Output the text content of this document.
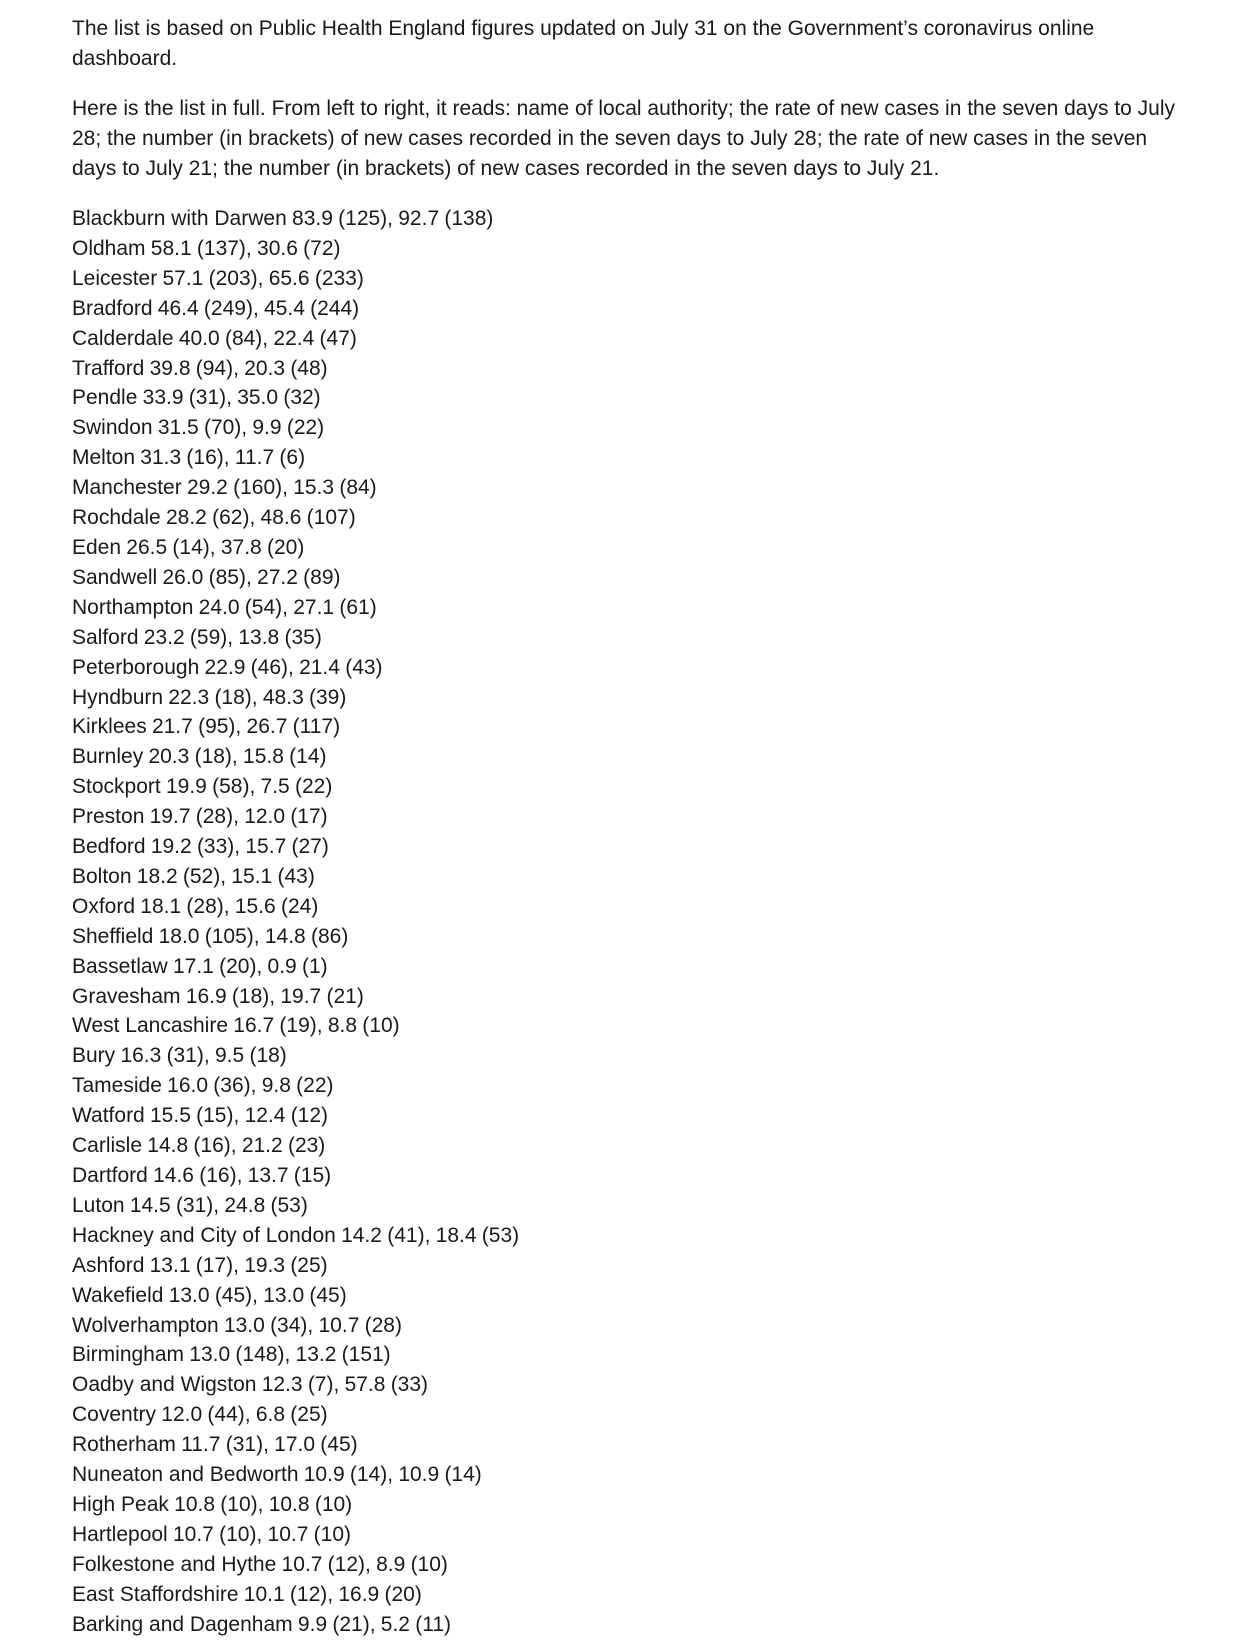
The list is based on Public Health England figures updated on July 31 on the Government’s coronavirus online dashboard.

Here is the list in full. From left to right, it reads: name of local authority; the rate of new cases in the seven days to July 28; the number (in brackets) of new cases recorded in the seven days to July 28; the rate of new cases in the seven days to July 21; the number (in brackets) of new cases recorded in the seven days to July 21.

Blackburn with Darwen 83.9 (125), 92.7 (138)
Oldham 58.1 (137), 30.6 (72)
Leicester 57.1 (203), 65.6 (233)
Bradford 46.4 (249), 45.4 (244)
Calderdale 40.0 (84), 22.4 (47)
Trafford 39.8 (94), 20.3 (48)
Pendle 33.9 (31), 35.0 (32)
Swindon 31.5 (70), 9.9 (22)
Melton 31.3 (16), 11.7 (6)
Manchester 29.2 (160), 15.3 (84)
Rochdale 28.2 (62), 48.6 (107)
Eden 26.5 (14), 37.8 (20)
Sandwell 26.0 (85), 27.2 (89)
Northampton 24.0 (54), 27.1 (61)
Salford 23.2 (59), 13.8 (35)
Peterborough 22.9 (46), 21.4 (43)
Hyndburn 22.3 (18), 48.3 (39)
Kirklees 21.7 (95), 26.7 (117)
Burnley 20.3 (18), 15.8 (14)
Stockport 19.9 (58), 7.5 (22)
Preston 19.7 (28), 12.0 (17)
Bedford 19.2 (33), 15.7 (27)
Bolton 18.2 (52), 15.1 (43)
Oxford 18.1 (28), 15.6 (24)
Sheffield 18.0 (105), 14.8 (86)
Bassetlaw 17.1 (20), 0.9 (1)
Gravesham 16.9 (18), 19.7 (21)
West Lancashire 16.7 (19), 8.8 (10)
Bury 16.3 (31), 9.5 (18)
Tameside 16.0 (36), 9.8 (22)
Watford 15.5 (15), 12.4 (12)
Carlisle 14.8 (16), 21.2 (23)
Dartford 14.6 (16), 13.7 (15)
Luton 14.5 (31), 24.8 (53)
Hackney and City of London 14.2 (41), 18.4 (53)
Ashford 13.1 (17), 19.3 (25)
Wakefield 13.0 (45), 13.0 (45)
Wolverhampton 13.0 (34), 10.7 (28)
Birmingham 13.0 (148), 13.2 (151)
Oadby and Wigston 12.3 (7), 57.8 (33)
Coventry 12.0 (44), 6.8 (25)
Rotherham 11.7 (31), 17.0 (45)
Nuneaton and Bedworth 10.9 (14), 10.9 (14)
High Peak 10.8 (10), 10.8 (10)
Hartlepool 10.7 (10), 10.7 (10)
Folkestone and Hythe 10.7 (12), 8.9 (10)
East Staffordshire 10.1 (12), 16.9 (20)
Barking and Dagenham 9.9 (21), 5.2 (11)
